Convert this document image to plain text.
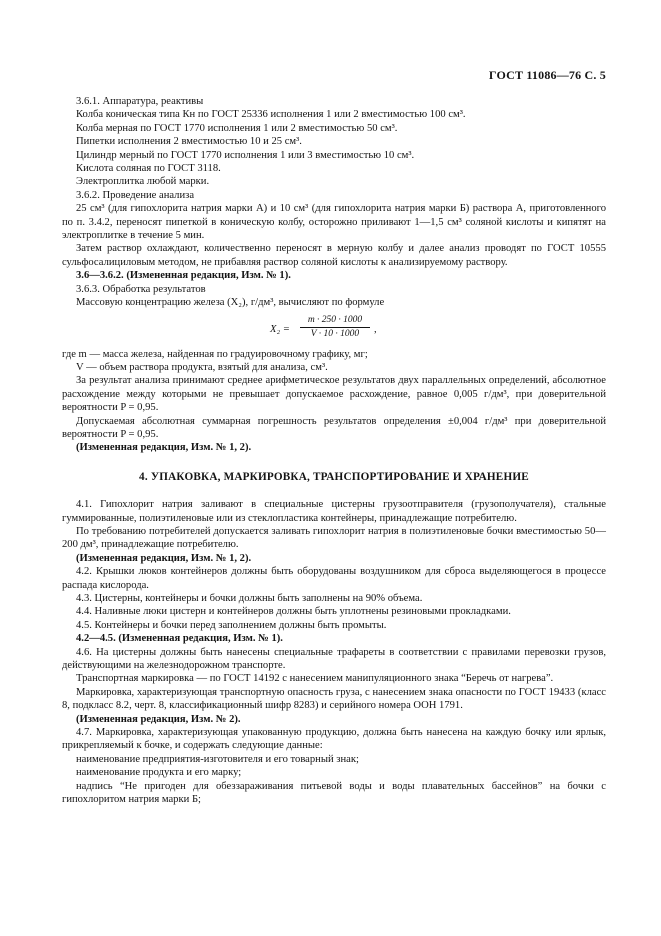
ГОСТ 11086—76 С. 5

3.6.1. Аппаратура, реактивы

Колба коническая типа Кн по ГОСТ 25336 исполнения 1 или 2 вместимостью 100 см³.

Колба мерная по ГОСТ 1770 исполнения 1 или 2 вместимостью 50 см³.

Пипетки исполнения 2 вместимостью 10 и 25 см³.

Цилиндр мерный по ГОСТ 1770 исполнения 1 или 3 вместимостью 10 см³.

Кислота соляная по ГОСТ 3118.

Электроплитка любой марки.

3.6.2. Проведение анализа

25 см³ (для гипохлорита натрия марки А) и 10 см³ (для гипохлорита натрия марки Б) раствора А, приготовленного по п. 3.4.2, переносят пипеткой в коническую колбу, осторожно приливают 1—1,5 см³ соляной кислоты и кипятят на электроплитке в течение 5 мин.

Затем раствор охлаждают, количественно переносят в мерную колбу и далее анализ проводят по ГОСТ 10555 сульфосалициловым методом, не прибавляя раствор соляной кислоты к анализируемому раствору.

3.6—3.6.2. (Измененная редакция, Изм. № 1).

3.6.3. Обработка результатов

Массовую концентрацию железа (X₂), г/дм³, вычисляют по формуле

$X_2 = \frac{m \cdot 250 \cdot 1000}{V \cdot 10 \cdot 1000}$ ,

где m — масса железа, найденная по градуировочному графику, мг;

V — объем раствора продукта, взятый для анализа, см³.

За результат анализа принимают среднее арифметическое результатов двух параллельных определений, абсолютное расхождение между которыми не превышает допускаемое расхождение, равное 0,005 г/дм³, при доверительной вероятности P = 0,95.

Допускаемая абсолютная суммарная погрешность результатов определения ±0,004 г/дм³ при доверительной вероятности P = 0,95.

(Измененная редакция, Изм. № 1, 2).

4. УПАКОВКА, МАРКИРОВКА, ТРАНСПОРТИРОВАНИЕ И ХРАНЕНИЕ

4.1. Гипохлорит натрия заливают в специальные цистерны грузоотправителя (грузополучателя), стальные гуммированные, полиэтиленовые или из стеклопластика контейнеры, принадлежащие потребителю.

По требованию потребителей допускается заливать гипохлорит натрия в полиэтиленовые бочки вместимостью 50—200 дм³, принадлежащие потребителю.

(Измененная редакция, Изм. № 1, 2).

4.2. Крышки люков контейнеров должны быть оборудованы воздушником для сброса выделяющегося в процессе распада кислорода.

4.3. Цистерны, контейнеры и бочки должны быть заполнены на 90% объема.

4.4. Наливные люки цистерн и контейнеров должны быть уплотнены резиновыми прокладками.

4.5. Контейнеры и бочки перед заполнением должны быть промыты.

4.2—4.5. (Измененная редакция, Изм. № 1).

4.6. На цистерны должны быть нанесены специальные трафареты в соответствии с правилами перевозки грузов, действующими на железнодорожном транспорте.

Транспортная маркировка — по ГОСТ 14192 с нанесением манипуляционного знака “Беречь от нагрева”.

Маркировка, характеризующая транспортную опасность груза, с нанесением знака опасности по ГОСТ 19433 (класс 8, подкласс 8.2, черт. 8, классификационный шифр 8283) и серийного номера ООН 1791.

(Измененная редакция, Изм. № 2).

4.7. Маркировка, характеризующая упакованную продукцию, должна быть нанесена на каждую бочку или ярлык, прикрепляемый к бочке, и содержать следующие данные:

наименование предприятия-изготовителя и его товарный знак;

наименование продукта и его марку;

надпись “Не пригоден для обеззараживания питьевой воды и воды плавательных бассейнов” на бочки с гипохлоритом натрия марки Б;
